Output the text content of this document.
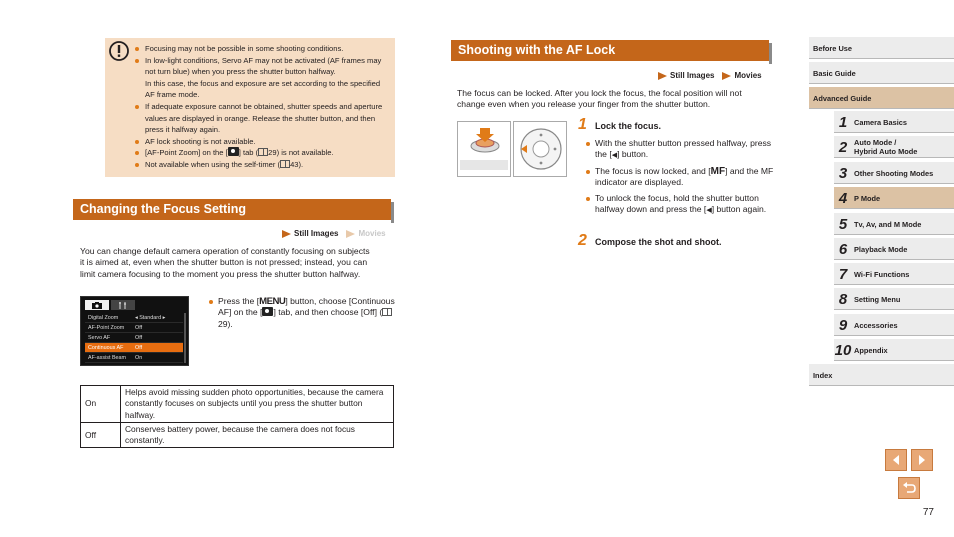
Focusing may not be possible in some shooting conditions.
In low-light conditions, Servo AF may not be activated (AF frames may not turn blue) when you press the shutter button halfway.
In this case, the focus and exposure are set according to the specified AF frame mode.
If adequate exposure cannot be obtained, shutter speeds and aperture values are displayed in orange. Release the shutter button, and then press it halfway again.
AF lock shooting is not available.
[AF-Point Zoom] on the [ ] tab ( 29) is not available.
Not available when using the self-timer ( 43).
Changing the Focus Setting
Still Images	Movies
You can change default camera operation of constantly focusing on subjects it is aimed at, even when the shutter button is not pressed; instead, you can limit camera focusing to the moment you press the shutter button halfway.
Digital Zoom	◂ Standard ▸
AF-Point Zoom	Off
Servo AF	Off
Continuous AF	Off
AF-assist Beam	On
Press the [MENU] button, choose [Continuous AF] on the [ ] tab, and then choose [Off] (29).
On	Helps avoid missing sudden photo opportunities, because the camera constantly focuses on subjects until you press the shutter button halfway.
Off	Conserves battery power, because the camera does not focus constantly.
Shooting with the AF Lock
Still Images	Movies
The focus can be locked. After you lock the focus, the focal position will not change even when you release your finger from the shutter button.
1 Lock the focus.
With the shutter button pressed halfway, press the [◀] button.
The focus is now locked, and [MF] and the MF indicator are displayed.
To unlock the focus, hold the shutter button halfway down and press the [◀] button again.
2 Compose the shot and shoot.
Before Use
Basic Guide
Advanced Guide
1 Camera Basics
2 Auto Mode /
Hybrid Auto Mode
3 Other Shooting Modes
4 P Mode
5 Tv, Av, and M Mode
6 Playback Mode
7 Wi-Fi Functions
8 Setting Menu
9 Accessories
10 Appendix
Index
77
